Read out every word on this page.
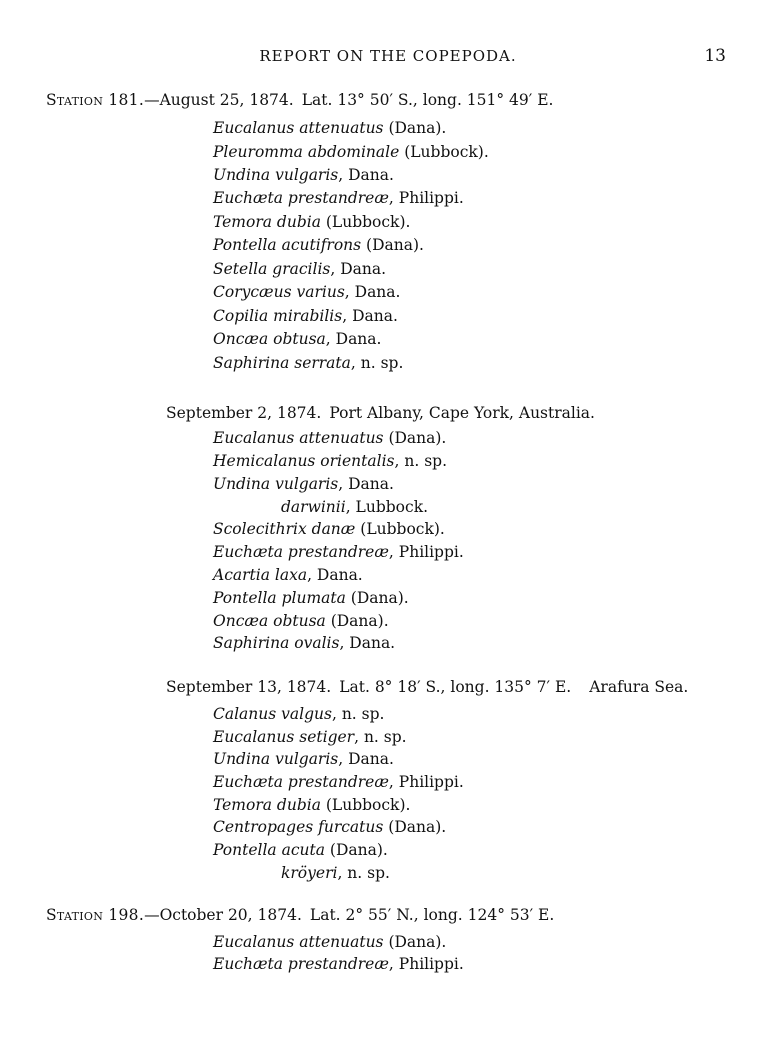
REPORT ON THE COPEPODA.	13
Station 181.—August 25, 1874. Lat. 13° 50′ S., long. 151° 49′ E.
Eucalanus attenuatus (Dana).
Pleuromma abdominale (Lubbock).
Undina vulgaris, Dana.
Euchæta prestandreæ, Philippi.
Temora dubia (Lubbock).
Pontella acutifrons (Dana).
Setella gracilis, Dana.
Corycæus varius, Dana.
Copilia mirabilis, Dana.
Oncæa obtusa, Dana.
Saphirina serrata, n. sp.
September 2, 1874. Port Albany, Cape York, Australia.
Eucalanus attenuatus (Dana).
Hemicalanus orientalis, n. sp.
Undina vulgaris, Dana.
darwinii, Lubbock.
Scolecithrix danæ (Lubbock).
Euchæta prestandreæ, Philippi.
Acartia laxa, Dana.
Pontella plumata (Dana).
Oncæa obtusa (Dana).
Saphirina ovalis, Dana.
September 13, 1874. Lat. 8° 18′ S., long. 135° 7′ E. Arafura Sea.
Calanus valgus, n. sp.
Eucalanus setiger, n. sp.
Undina vulgaris, Dana.
Euchæta prestandreæ, Philippi.
Temora dubia (Lubbock).
Centropages furcatus (Dana).
Pontella acuta (Dana).
kröyeri, n. sp.
Station 198.—October 20, 1874. Lat. 2° 55′ N., long. 124° 53′ E.
Eucalanus attenuatus (Dana).
Euchæta prestandreæ, Philippi.
